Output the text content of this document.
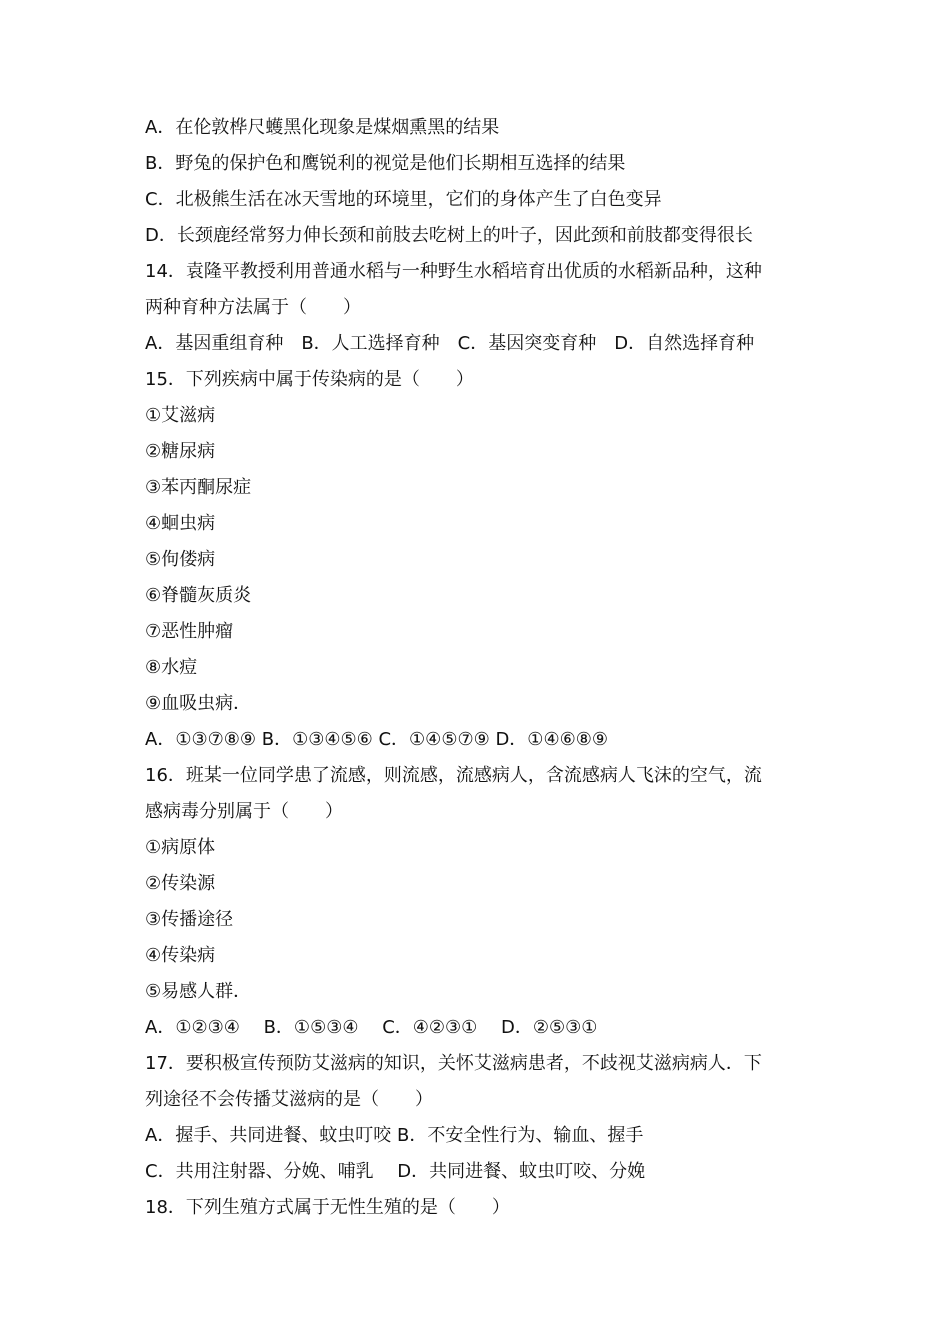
A．在伦敦桦尺蠖黑化现象是煤烟熏黑的结果
B．野兔的保护色和鹰锐利的视觉是他们长期相互选择的结果
C．北极熊生活在冰天雪地的环境里，它们的身体产生了白色变异
D．长颈鹿经常努力伸长颈和前肢去吃树上的叶子，因此颈和前肢都变得很长
14．袁隆平教授利用普通水稻与一种野生水稻培育出优质的水稻新品种，这种
两种育种方法属于（　　）
A．基因重组育种　B．人工选择育种　C．基因突变育种　D．自然选择育种
15．下列疾病中属于传染病的是（　　）
①艾滋病
②糖尿病
③苯丙酮尿症
④蛔虫病
⑤佝偻病
⑥脊髓灰质炎
⑦恶性肿瘤
⑧水痘
⑨血吸虫病．
A．①③⑦⑧⑨ B．①③④⑤⑥ C．①④⑤⑦⑨ D．①④⑥⑧⑨
16．班某一位同学患了流感，则流感，流感病人，含流感病人飞沫的空气，流
感病毒分别属于（　　）
①病原体
②传染源
③传播途径
④传染病
⑤易感人群．
A．①②③④　 B．①⑤③④　 C．④②③①　 D．②⑤③①
17．要积极宣传预防艾滋病的知识，关怀艾滋病患者，不歧视艾滋病病人．下
列途径不会传播艾滋病的是（　　）
A．握手、共同进餐、蚊虫叮咬 B．不安全性行为、输血、握手
C．共用注射器、分娩、哺乳　 D．共同进餐、蚊虫叮咬、分娩
18．下列生殖方式属于无性生殖的是（　　）
